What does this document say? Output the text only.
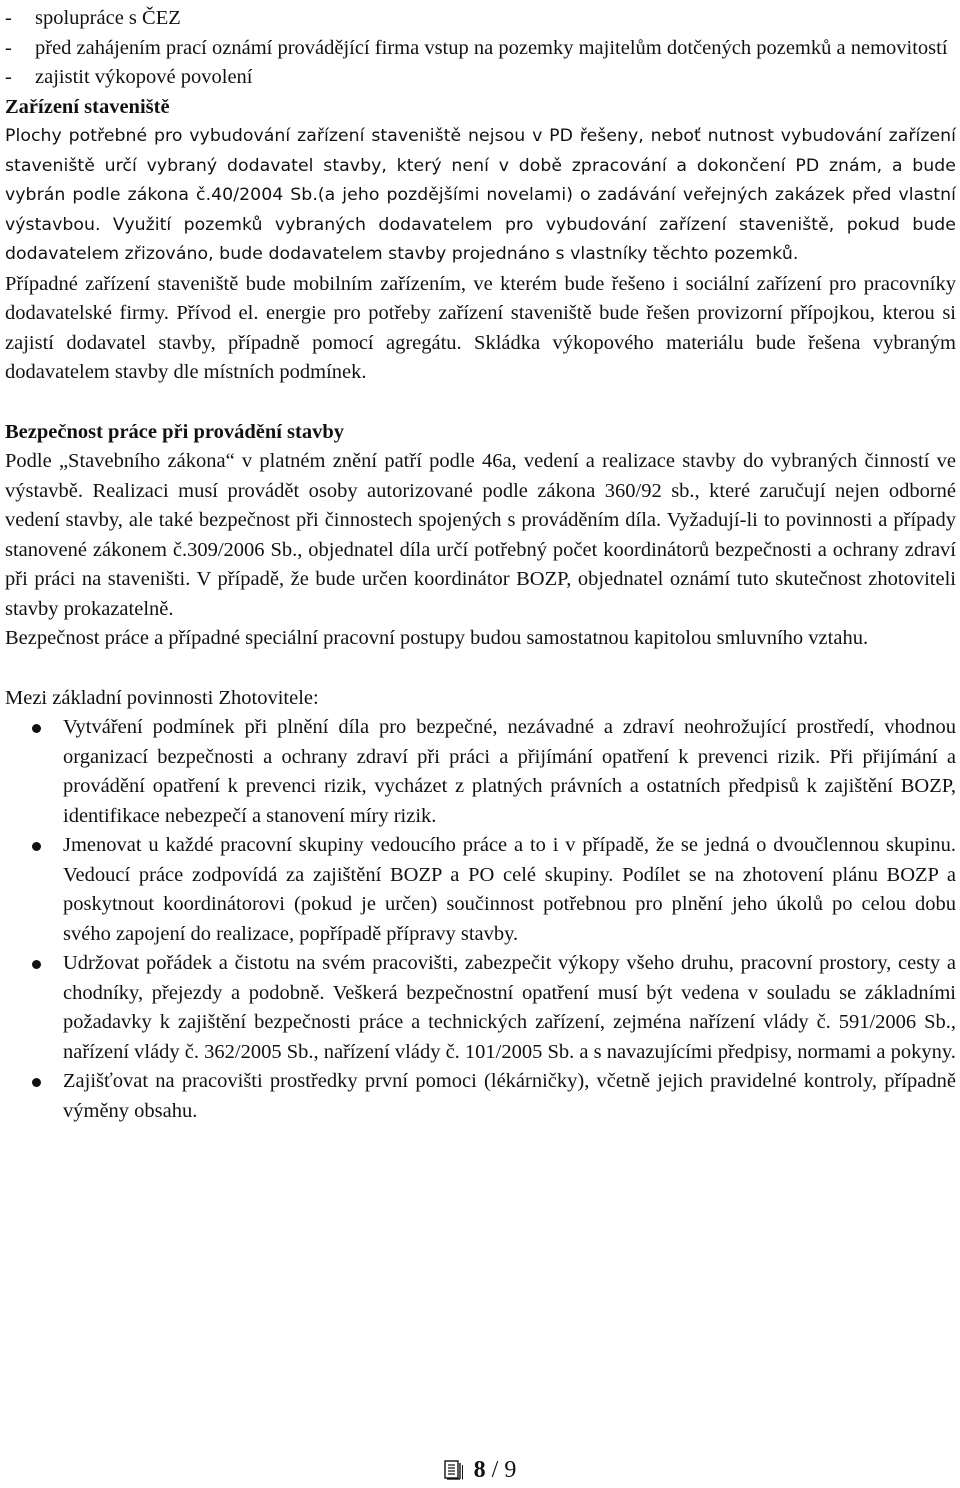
- spolupráce s ČEZ
- před zahájením prací oznámí provádějící firma vstup na pozemky majitelům dotčených pozemků a nemovitostí
- zajistit výkopové povolení

Zařízení staveniště

Plochy potřebné pro vybudování zařízení staveniště nejsou v PD řešeny, neboť nutnost vybudování zařízení staveniště určí vybraný dodavatel stavby, který není v době zpracování a dokončení PD znám, a bude vybrán podle zákona č.40/2004 Sb.(a jeho pozdějšími novelami) o zadávání veřejných zakázek před vlastní výstavbou. Využití pozemků vybraných dodavatelem pro vybudování zařízení staveniště, pokud bude dodavatelem zřizováno, bude dodavatelem stavby projednáno s vlastníky těchto pozemků.

Případné zařízení staveniště bude mobilním zařízením, ve kterém bude řešeno i sociální zařízení pro pracovníky dodavatelské firmy. Přívod el. energie pro potřeby zařízení staveniště bude řešen provizorní přípojkou, kterou si zajistí dodavatel stavby, případně pomocí agregátu. Skládka výkopového materiálu bude řešena vybraným dodavatelem stavby dle místních podmínek.

Bezpečnost práce při provádění stavby

Podle „Stavebního zákona“ v platném znění patří podle 46a, vedení a realizace stavby do vybraných činností ve výstavbě. Realizaci musí provádět osoby autorizované podle zákona 360/92 sb., které zaručují nejen odborné vedení stavby, ale také bezpečnost při činnostech spojených s prováděním díla. Vyžadují-li to povinnosti a případy stanovené zákonem č.309/2006 Sb., objednatel díla určí potřebný počet koordinátorů bezpečnosti a ochrany zdraví při práci na staveništi. V případě, že bude určen koordinátor BOZP, objednatel oznámí tuto skutečnost zhotoviteli stavby prokazatelně.

Bezpečnost práce a případné speciální pracovní postupy budou samostatnou kapitolou smluvního vztahu.

Mezi základní povinnosti Zhotovitele:

Vytváření podmínek při plnění díla pro bezpečné, nezávadné a zdraví neohrožující prostředí, vhodnou organizací bezpečnosti a ochrany zdraví při práci a přijímání opatření k prevenci rizik. Při přijímání a provádění opatření k prevenci rizik, vycházet z platných právních a ostatních předpisů k zajištění BOZP, identifikace nebezpečí a stanovení míry rizik.
Jmenovat u každé pracovní skupiny vedoucího práce a to i v případě, že se jedná o dvoučlennou skupinu. Vedoucí práce zodpovídá za zajištění BOZP a PO celé skupiny. Podílet se na zhotovení plánu BOZP a poskytnout koordinátorovi (pokud je určen) součinnost potřebnou pro plnění jeho úkolů po celou dobu svého zapojení do realizace, popřípadě přípravy stavby.
Udržovat pořádek a čistotu na svém pracovišti, zabezpečit výkopy všeho druhu, pracovní prostory, cesty a chodníky, přejezdy a podobně. Veškerá bezpečnostní opatření musí být vedena v souladu se základními požadavky k zajištění bezpečnosti práce a technických zařízení, zejména nařízení vlády č. 591/2006 Sb., nařízení vlády č. 362/2005 Sb., nařízení vlády č. 101/2005 Sb. a s navazujícími předpisy, normami a pokyny.
Zajišťovat na pracovišti prostředky první pomoci (lékárničky), včetně jejich pravidelné kontroly, případně výměny obsahu.
8 / 9
